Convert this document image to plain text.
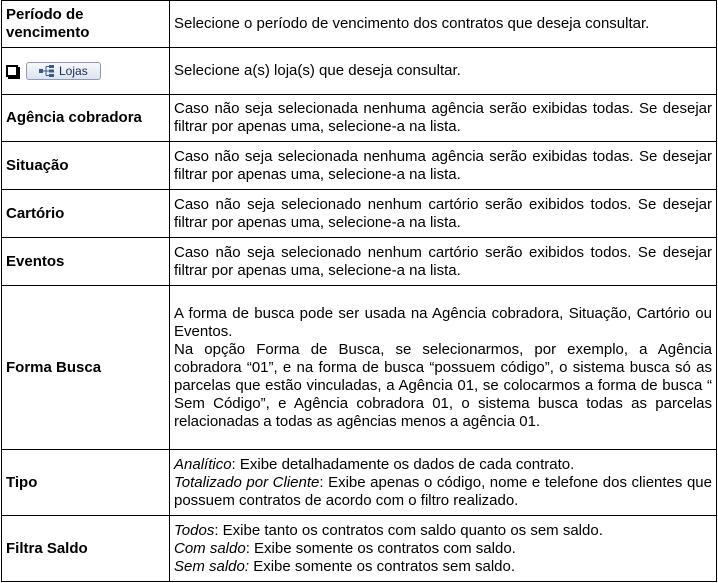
Período de vencimento	Selecione o período de vencimento dos contratos que deseja consultar.

Lojas	Selecione a(s) loja(s) que deseja consultar.
Agência cobradora	Caso não seja selecionada nenhuma agência serão exibidas todas. Se desejar filtrar por apenas uma, selecione-a na lista.
Situação	Caso não seja selecionada nenhuma agência serão exibidas todas. Se desejar filtrar por apenas uma, selecione-a na lista.
Cartório	Caso não seja selecionado nenhum cartório serão exibidos todos. Se desejar filtrar por apenas uma, selecione-a na lista.
Eventos	Caso não seja selecionado nenhum cartório serão exibidos todos. Se desejar filtrar por apenas uma, selecione-a na lista.
Forma Busca	A forma de busca pode ser usada na Agência cobradora, Situação, Cartório ou Eventos.

Na opção Forma de Busca, se selecionarmos, por exemplo, a Agência cobradora “01”, e na forma de busca “possuem código”, o sistema busca só as parcelas que estão vinculadas, a Agência 01, se colocarmos a forma de busca “ Sem Código”, e Agência cobradora 01, o sistema busca todas as parcelas relacionadas a todas as agências menos a agência 01.

Tipo	Analítico: Exibe detalhadamente os dados de cada contrato.

Totalizado por Cliente: Exibe apenas o código, nome e telefone dos clientes que possuem contratos de acordo com o filtro realizado.

Filtra Saldo	Todos: Exibe tanto os contratos com saldo quanto os sem saldo.

Com saldo: Exibe somente os contratos com saldo.

Sem saldo: Exibe somente os contratos sem saldo.
